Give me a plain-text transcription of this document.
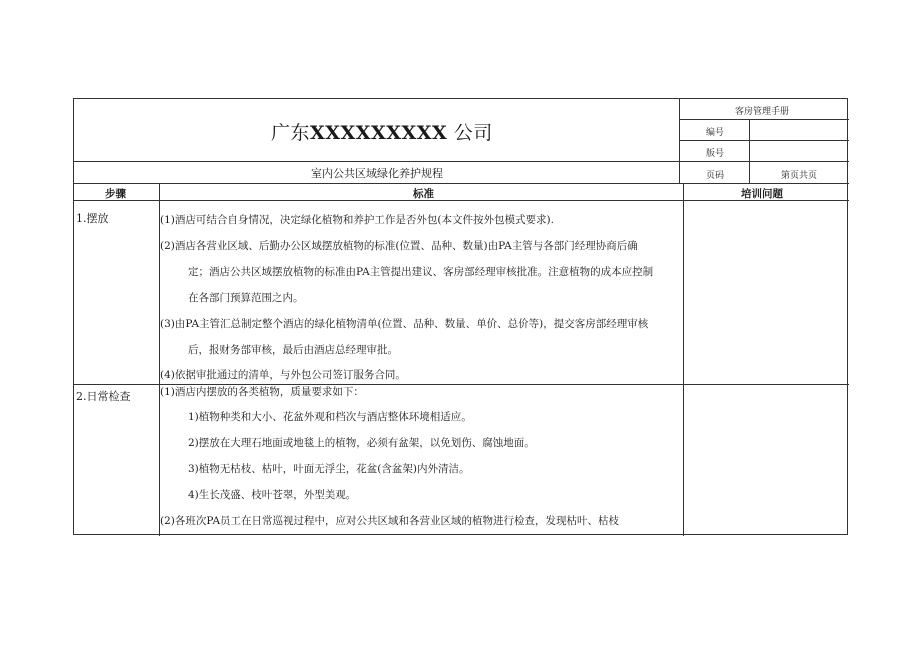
广东XXXXXXXXX 公司
客房管理手册
编号
版号
页码	第页共页
室内公共区域绿化养护规程
步骤	标准	培训问题
1.摆放	(1)酒店可结合自身情况，决定绿化植物和养护工作是否外包(本文件按外包模式要求).
(2)酒店各营业区域、后勤办公区域摆放植物的标准(位置、品种、数量)由PA主管与各部门经理协商后确
定；酒店公共区域摆放植物的标准由PA主管提出建议、客房部经理审核批准。注意植物的成本应控制
在各部门预算范围之内。
(3)由PA主管汇总制定整个酒店的绿化植物清单(位置、品种、数量、单价、总价等)，提交客房部经理审核
后，报财务部审核，最后由酒店总经理审批。
(4)依据审批通过的清单，与外包公司签订服务合同。
2.日常检查	(1)酒店内摆放的各类植物，质量要求如下：
1)植物种类和大小、花盆外观和档次与酒店整体环境相适应。
2)摆放在大理石地面或地毯上的植物，必须有盆架，以免划伤、腐蚀地面。
3)植物无枯枝、枯叶，叶面无浮尘，花盆(含盆架)内外清洁。
4)生长茂盛、枝叶苍翠，外型美观。
(2)各班次PA员工在日常巡视过程中，应对公共区域和各营业区域的植物进行检查，发现枯叶、枯枝
